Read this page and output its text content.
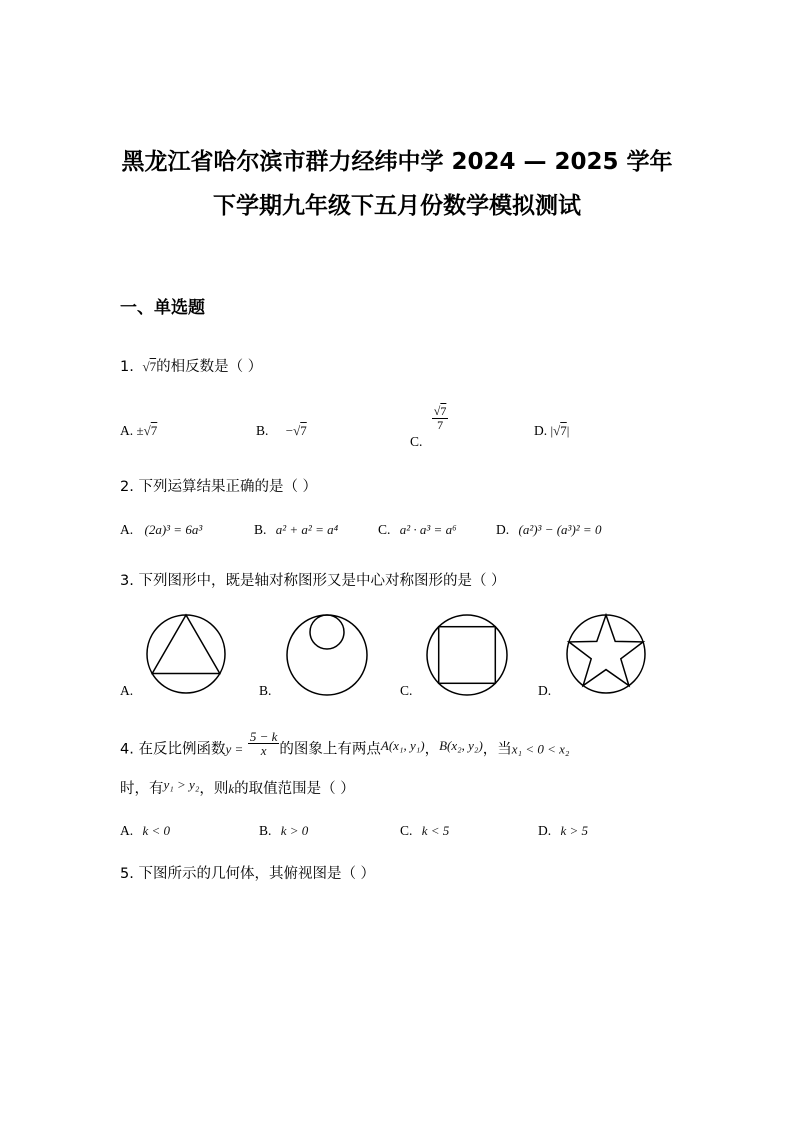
黑龙江省哈尔滨市群力经纬中学 2024 — 2025 学年
下学期九年级下五月份数学模拟测试
一、单选题
1. √7的相反数是（ ）
A. ±√7	B. −√7
C.
$\frac{√7}{7}$	D. |√7|
2. 下列运算结果正确的是（ ）
A. (2a)³ = 6a³	B. a² + a² = a⁴	C. a² · a³ = a⁶	D. (a²)³ − (a³)² = 0
3. 下列图形中，既是轴对称图形又是中心对称图形的是（ ）
A.	B.	C.	D.
4. 在反比例函数$y = \frac{5 - k}{x}$ 的图象上有两点A(x₁, y₁)，B(x₂, y₂)，当x₁ < 0 < x₂
时，有y₁ > y₂，则k的取值范围是（ ）
A. k < 0	B. k > 0	C. k < 5	D. k > 5
5. 下图所示的几何体，其俯视图是（ ）
